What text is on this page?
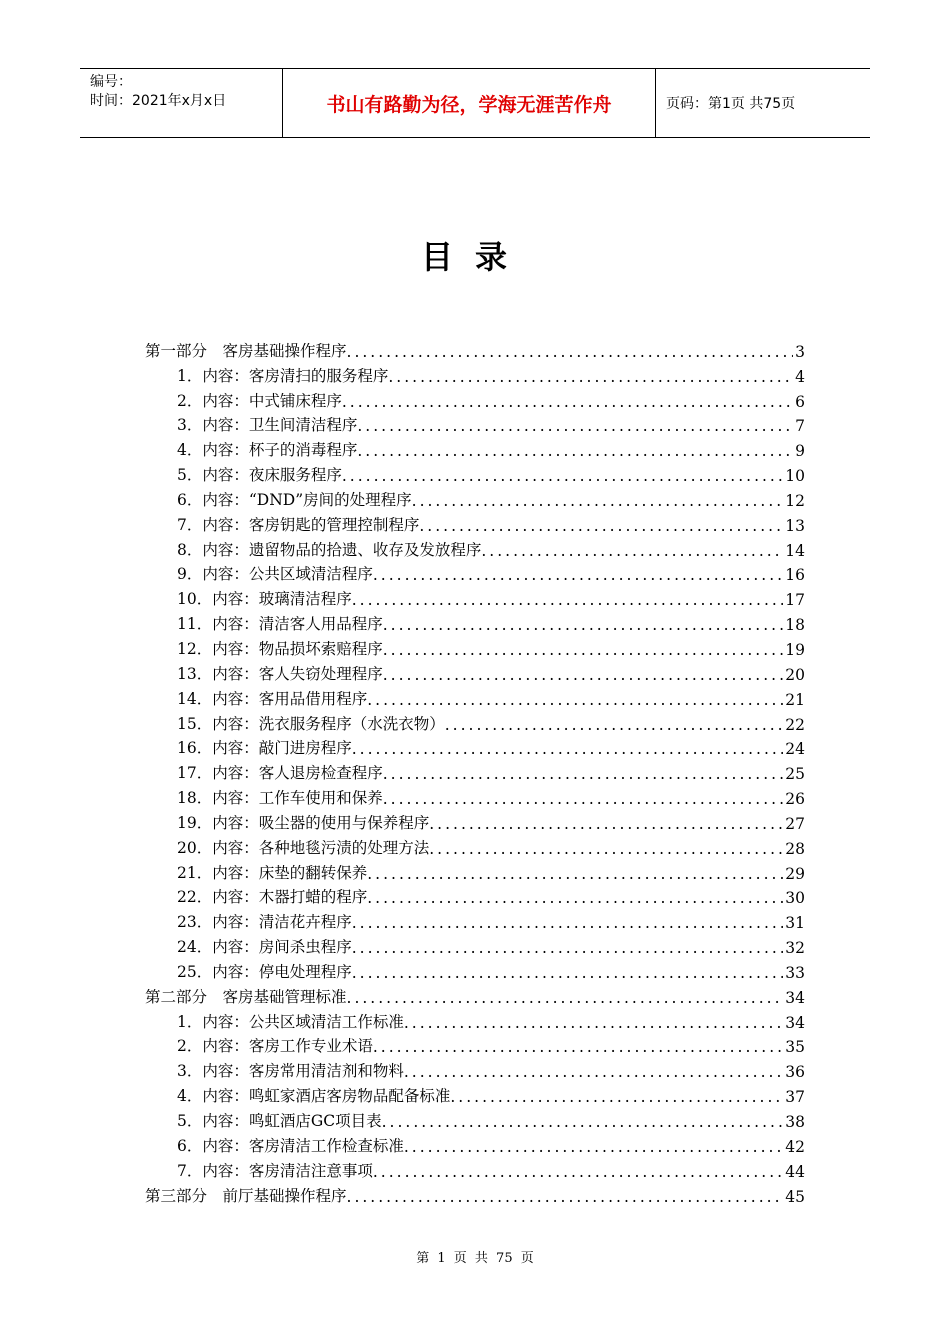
编号：
时间：2021年x月x日	书山有路勤为径，学海无涯苦作舟	页码：第1页 共75页
目录
第一部分　客房基础操作程序 .....	3
1．内容：客房清扫的服务程序 .....	4
2．内容：中式铺床程序 .....	6
3．内容：卫生间清洁程序 .....	7
4．内容：杯子的消毒程序 .....	9
5．内容：夜床服务程序 .....	10
6．内容：“DND”房间的处理程序 .....	12
7．内容：客房钥匙的管理控制程序 .....	13
8．内容：遗留物品的拾遗、收存及发放程序 .....	14
9．内容：公共区域清洁程序 .....	16
10．内容：玻璃清洁程序 .....	17
11．内容：清洁客人用品程序 .....	18
12．内容：物品损坏索赔程序 .....	19
13．内容：客人失窃处理程序 .....	20
14．内容：客用品借用程序 .....	21
15．内容：洗衣服务程序（水洗衣物） .....	22
16．内容：敲门进房程序 .....	24
17．内容：客人退房检查程序 .....	25
18．内容：工作车使用和保养 .....	26
19．内容：吸尘器的使用与保养程序 .....	27
20．内容：各种地毯污渍的处理方法 .....	28
21．内容：床垫的翻转保养 .....	29
22．内容：木器打蜡的程序 .....	30
23．内容：清洁花卉程序 .....	31
24．内容：房间杀虫程序 .....	32
25．内容：停电处理程序 .....	33
第二部分　客房基础管理标准 .....	34
1．内容：公共区域清洁工作标准 .....	34
2．内容：客房工作专业术语 .....	35
3．内容：客房常用清洁剂和物料 .....	36
4．内容：鸣虹家酒店客房物品配备标准 .....	37
5．内容：鸣虹酒店GC项目表 .....	38
6．内容：客房清洁工作检查标准 .....	42
7．内容：客房清洁注意事项 .....	44
第三部分　前厅基础操作程序 .....	45
第 1 页 共 75 页
